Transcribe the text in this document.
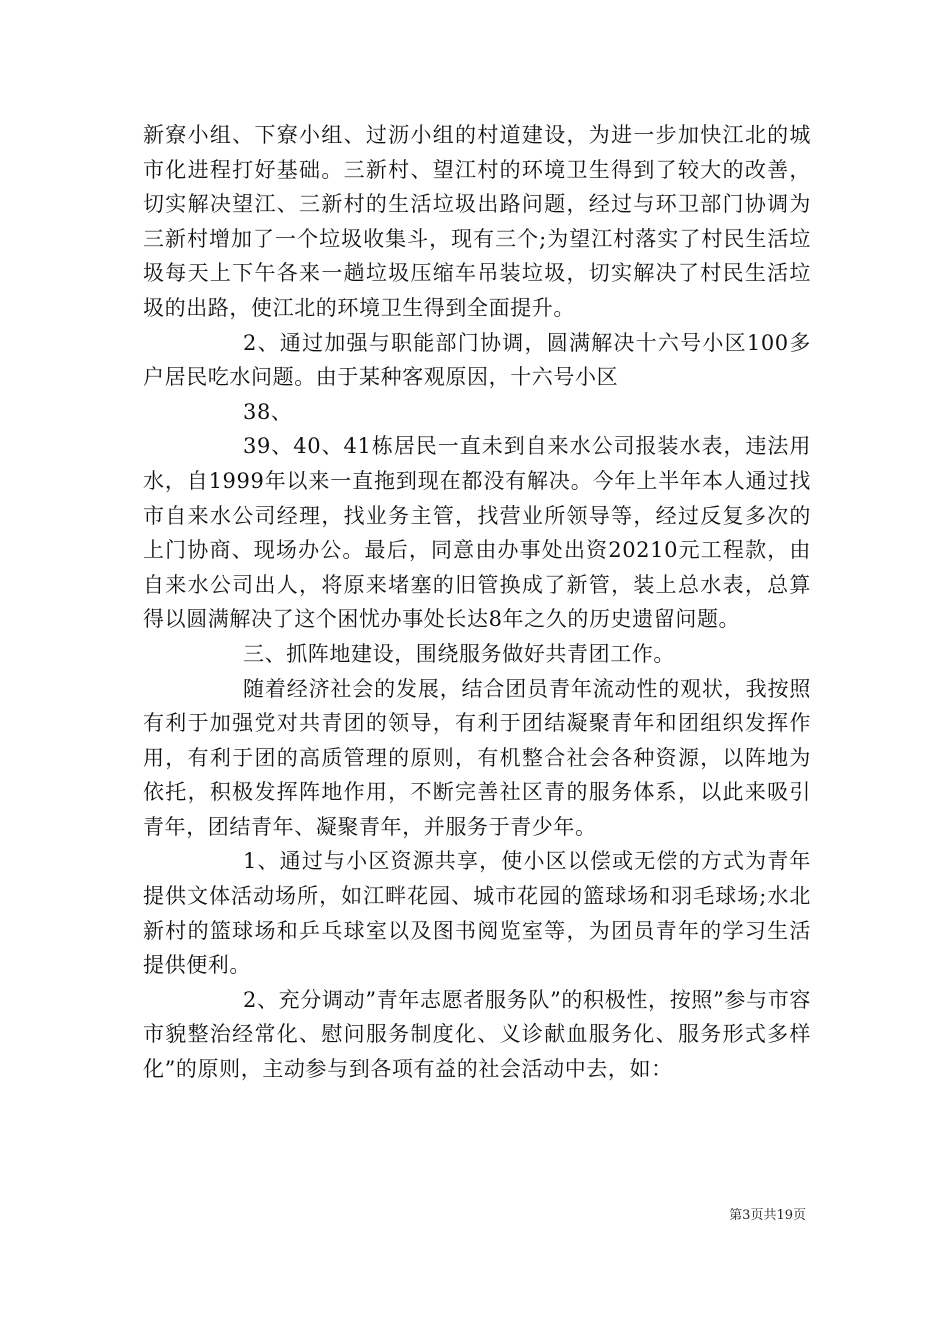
新寮小组、下寮小组、过沥小组的村道建设，为进一步加快江北的城市化进程打好基础。三新村、望江村的环境卫生得到了较大的改善，切实解决望江、三新村的生活垃圾出路问题，经过与环卫部门协调为三新村增加了一个垃圾收集斗，现有三个;为望江村落实了村民生活垃圾每天上下午各来一趟垃圾压缩车吊装垃圾，切实解决了村民生活垃圾的出路，使江北的环境卫生得到全面提升。

2、通过加强与职能部门协调，圆满解决十六号小区100多户居民吃水问题。由于某种客观原因，十六号小区

38、

39、40、41栋居民一直未到自来水公司报装水表，违法用水，自1999年以来一直拖到现在都没有解决。今年上半年本人通过找市自来水公司经理，找业务主管，找营业所领导等，经过反复多次的上门协商、现场办公。最后，同意由办事处出资20210元工程款，由自来水公司出人，将原来堵塞的旧管换成了新管，装上总水表，总算得以圆满解决了这个困忧办事处长达8年之久的历史遗留问题。

三、抓阵地建设，围绕服务做好共青团工作。

随着经济社会的发展，结合团员青年流动性的观状，我按照有利于加强党对共青团的领导，有利于团结凝聚青年和团组织发挥作用，有利于团的高质管理的原则，有机整合社会各种资源，以阵地为依托，积极发挥阵地作用，不断完善社区青的服务体系，以此来吸引青年，团结青年、凝聚青年，并服务于青少年。

1、通过与小区资源共享，使小区以偿或无偿的方式为青年提供文体活动场所，如江畔花园、城市花园的篮球场和羽毛球场;水北新村的篮球场和乒乓球室以及图书阅览室等，为团员青年的学习生活提供便利。

2、充分调动”青年志愿者服务队”的积极性，按照”参与市容市貌整治经常化、慰问服务制度化、义诊献血服务化、服务形式多样化”的原则，主动参与到各项有益的社会活动中去，如：

第3页共19页
